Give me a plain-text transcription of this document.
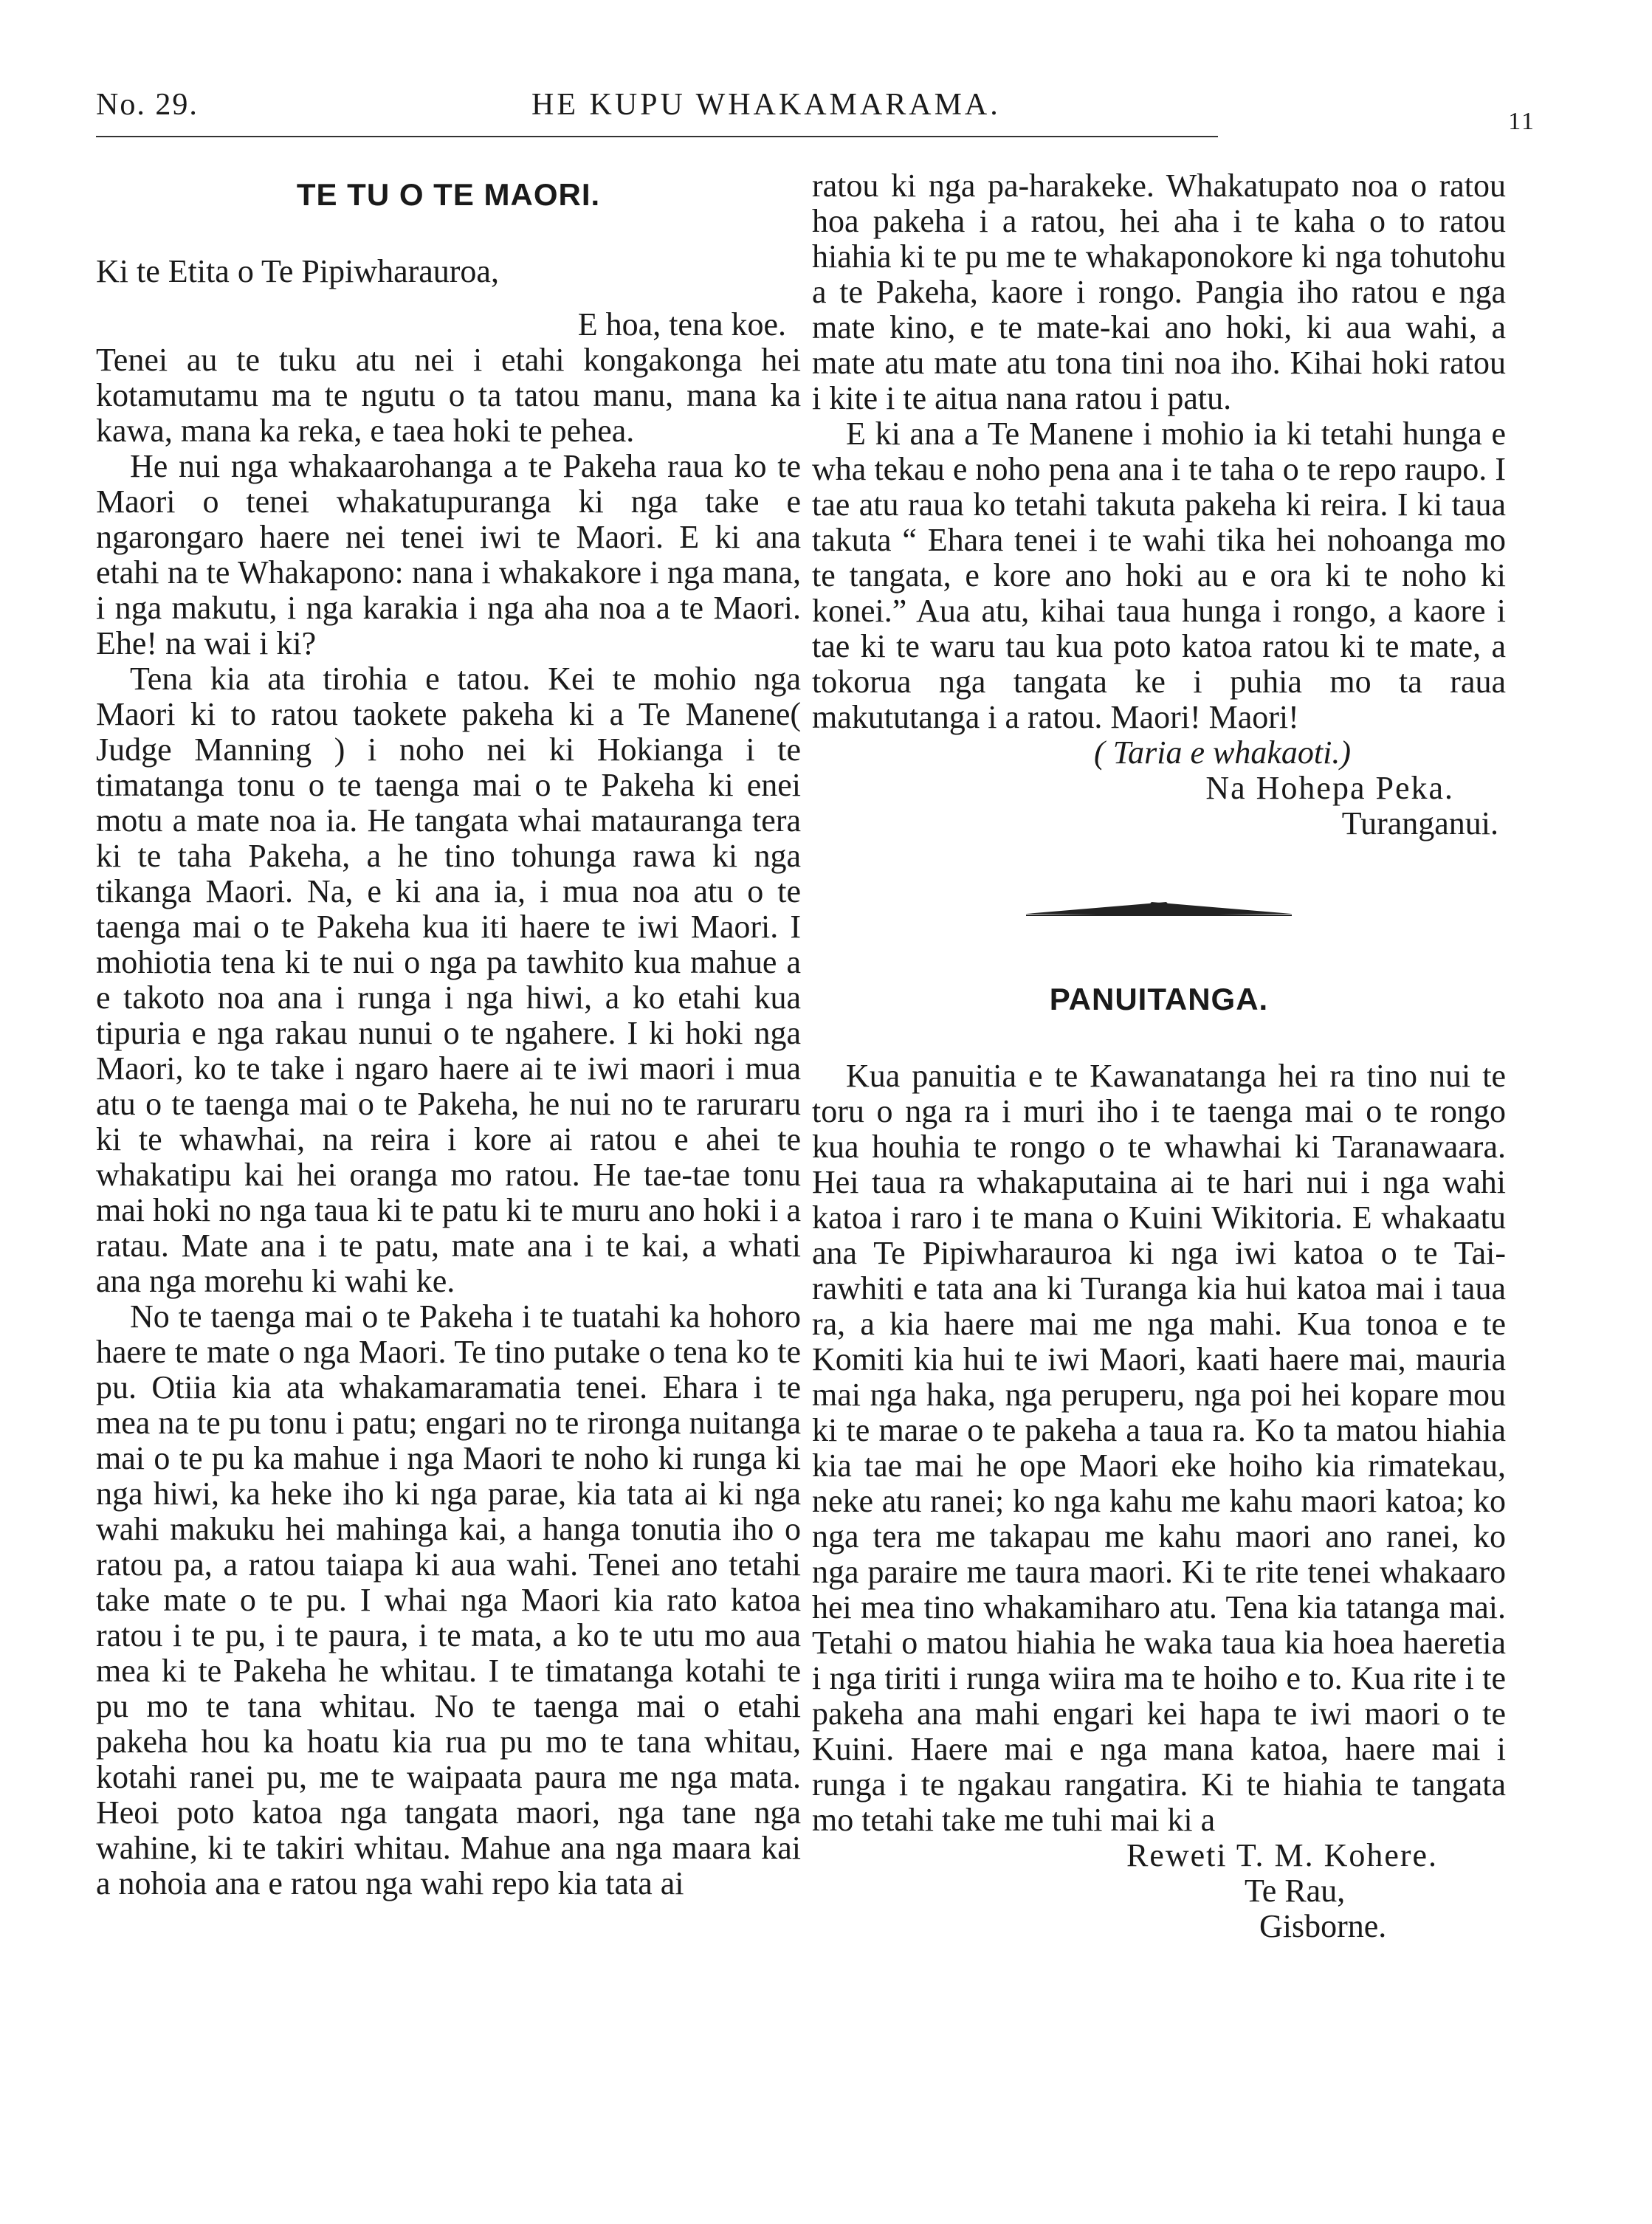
No. 29.	HE KUPU WHAKAMARAMA.	11
TE TU O TE MAORI.

Ki te Etita o Te Pipiwharauroa,

E hoa, tena koe.

Tenei au te tuku atu nei i etahi kongakonga hei kotamutamu ma te ngutu o ta tatou manu, mana ka kawa, mana ka reka, e taea hoki te pehea.

He nui nga whakaarohanga a te Pakeha raua ko te Maori o tenei whakatupuranga ki nga take e ngarongaro haere nei tenei iwi te Maori. E ki ana etahi na te Whakapono: nana i whakakore i nga mana, i nga makutu, i nga karakia i nga aha noa a te Maori. Ehe! na wai i ki?

Tena kia ata tirohia e tatou. Kei te mohio nga Maori ki to ratou taokete pakeha ki a Te Manene( Judge Manning ) i noho nei ki Hokianga i te timatanga tonu o te taenga mai o te Pakeha ki enei motu a mate noa ia. He tangata whai matauranga tera ki te taha Pakeha, a he tino tohunga rawa ki nga tikanga Maori. Na, e ki ana ia, i mua noa atu o te taenga mai o te Pakeha kua iti haere te iwi Maori. I mohiotia tena ki te nui o nga pa tawhito kua mahue a e takoto noa ana i runga i nga hiwi, a ko etahi kua tipuria e nga rakau nunui o te ngahere. I ki hoki nga Maori, ko te take i ngaro haere ai te iwi maori i mua atu o te taenga mai o te Pakeha, he nui no te raruraru ki te whawhai, na reira i kore ai ratou e ahei te whakatipu kai hei oranga mo ratou. He tae-tae tonu mai hoki no nga taua ki te patu ki te muru ano hoki i a ratau. Mate ana i te patu, mate ana i te kai, a whati ana nga morehu ki wahi ke.

No te taenga mai o te Pakeha i te tuatahi ka hohoro haere te mate o nga Maori. Te tino putake o tena ko te pu. Otiia kia ata whakamaramatia tenei. Ehara i te mea na te pu tonu i patu; engari no te rironga nuitanga mai o te pu ka mahue i nga Maori te noho ki runga ki nga hiwi, ka heke iho ki nga parae, kia tata ai ki nga wahi makuku hei mahinga kai, a hanga tonutia iho o ratou pa, a ratou taiapa ki aua wahi. Tenei ano tetahi take mate o te pu. I whai nga Maori kia rato katoa ratou i te pu, i te paura, i te mata, a ko te utu mo aua mea ki te Pakeha he whitau. I te timatanga kotahi te pu mo te tana whitau. No te taenga mai o etahi pakeha hou ka hoatu kia rua pu mo te tana whitau, kotahi ranei pu, me te waipaata paura me nga mata. Heoi poto katoa nga tangata maori, nga tane nga wahine, ki te takiri whitau. Mahue ana nga maara kai a nohoia ana e ratou nga wahi repo kia tata ai

ratou ki nga pa-harakeke. Whakatupato noa o ratou hoa pakeha i a ratou, hei aha i te kaha o to ratou hiahia ki te pu me te whakaponokore ki nga tohutohu a te Pakeha, kaore i rongo. Pangia iho ratou e nga mate kino, e te mate-kai ano hoki, ki aua wahi, a mate atu mate atu tona tini noa iho. Kihai hoki ratou i kite i te aitua nana ratou i patu.

E ki ana a Te Manene i mohio ia ki tetahi hunga e wha tekau e noho pena ana i te taha o te repo raupo. I tae atu raua ko tetahi takuta pakeha ki reira. I ki taua takuta “ Ehara tenei i te wahi tika hei nohoanga mo te tangata, e kore ano hoki au e ora ki te noho ki konei.” Aua atu, kihai taua hunga i rongo, a kaore i tae ki te waru tau kua poto katoa ratou ki te mate, a tokorua nga tangata ke i puhia mo ta raua makututanga i a ratou. Maori! Maori!

( Taria e whakaoti.)

Na Hohepa Peka.

Turanganui.

PANUITANGA.

Kua panuitia e te Kawanatanga hei ra tino nui te toru o nga ra i muri iho i te taenga mai o te rongo kua houhia te rongo o te whawhai ki Taranawaara. Hei taua ra whakaputaina ai te hari nui i nga wahi katoa i raro i te mana o Kuini Wikitoria. E whakaatu ana Te Pipiwharauroa ki nga iwi katoa o te Tai-rawhiti e tata ana ki Turanga kia hui katoa mai i taua ra, a kia haere mai me nga mahi. Kua tonoa e te Komiti kia hui te iwi Maori, kaati haere mai, mauria mai nga haka, nga peruperu, nga poi hei kopare mou ki te marae o te pakeha a taua ra. Ko ta matou hiahia kia tae mai he ope Maori eke hoiho kia rimatekau, neke atu ranei; ko nga kahu me kahu maori katoa; ko nga tera me takapau me kahu maori ano ranei, ko nga paraire me taura maori. Ki te rite tenei whakaaro hei mea tino whakamiharo atu. Tena kia tatanga mai. Tetahi o matou hiahia he waka taua kia hoea haeretia i nga tiriti i runga wiira ma te hoiho e to. Kua rite i te pakeha ana mahi engari kei hapa te iwi maori o te Kuini. Haere mai e nga mana katoa, haere mai i runga i te ngakau rangatira. Ki te hiahia te tangata mo tetahi take me tuhi mai ki a

Reweti T. M. Kohere.

Te Rau,

Gisborne.
